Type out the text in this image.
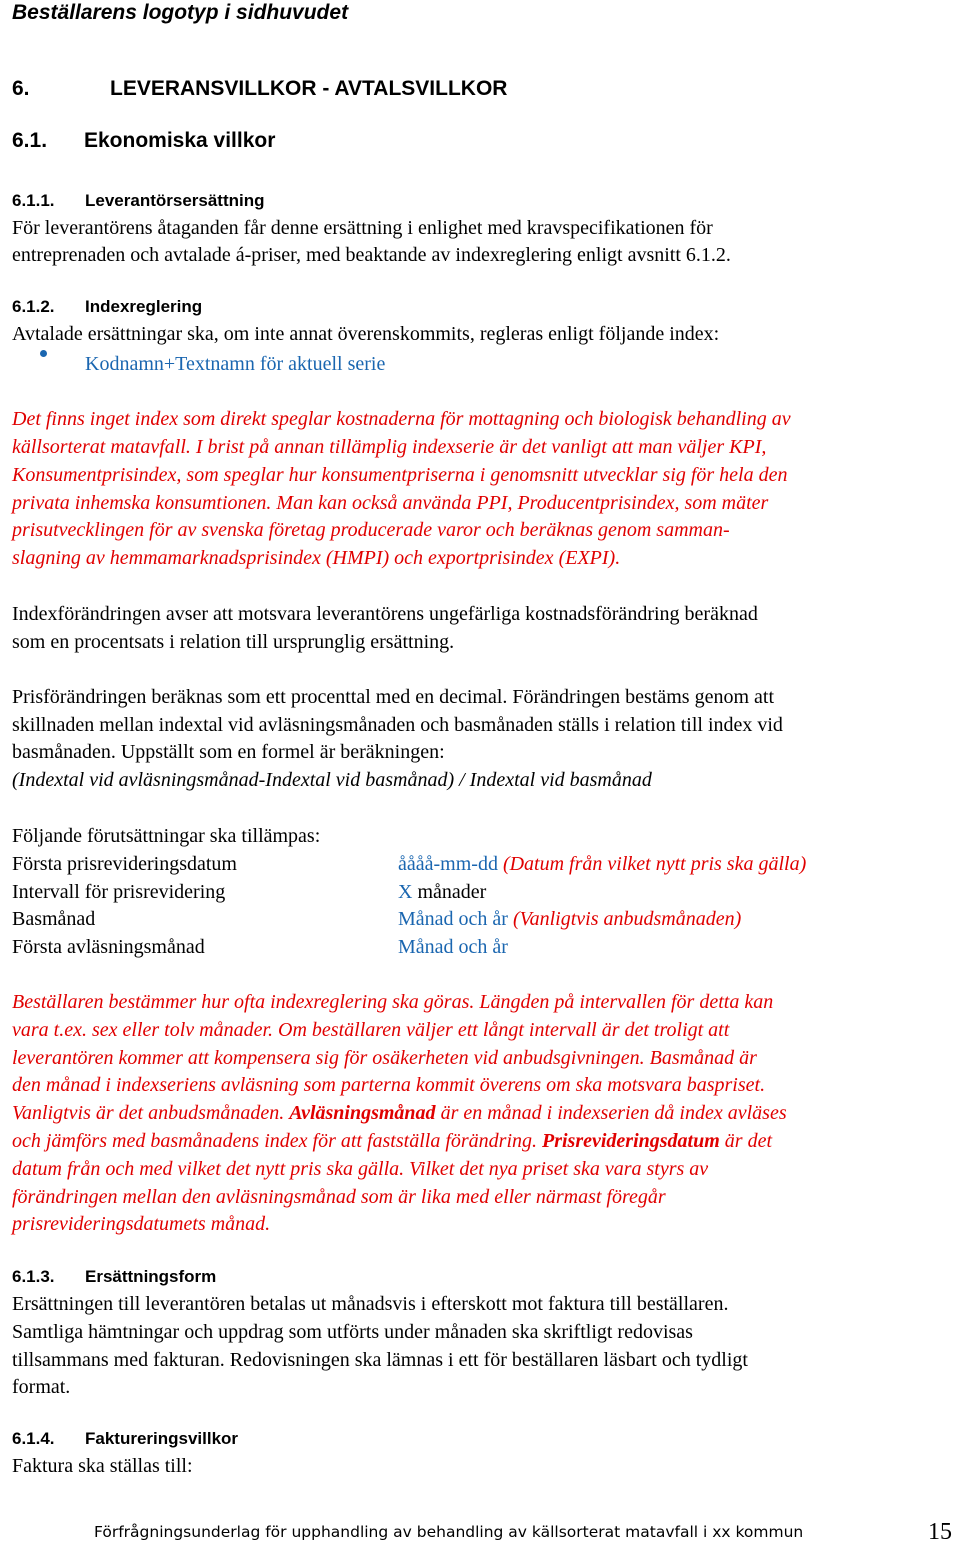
Beställarens logotyp i sidhuvudet
6.	LEVERANSVILLKOR - AVTALSVILLKOR
6.1. Ekonomiska villkor
6.1.1. Leverantörsersättning
För leverantörens åtaganden får denne ersättning i enlighet med kravspecifikationen för
entreprenaden och avtalade á-priser, med beaktande av indexreglering enligt avsnitt 6.1.2.
6.1.2. Indexreglering
Avtalade ersättningar ska, om inte annat överenskommits, regleras enligt följande index:
Kodnamn+Textnamn för aktuell serie
Det finns inget index som direkt speglar kostnaderna för mottagning och biologisk behandling av
källsorterat matavfall. I brist på annan tillämplig indexserie är det vanligt att man väljer KPI,
Konsumentprisindex, som speglar hur konsumentpriserna i genomsnitt utvecklar sig för hela den
privata inhemska konsumtionen. Man kan också använda PPI, Producentprisindex, som mäter
prisutvecklingen för av svenska företag producerade varor och beräknas genom samman-
slagning av hemmamarknadsprisindex (HMPI) och exportprisindex (EXPI).
Indexförändringen avser att motsvara leverantörens ungefärliga kostnadsförändring beräknad
som en procentsats i relation till ursprunglig ersättning.
Prisförändringen beräknas som ett procenttal med en decimal. Förändringen bestäms genom att
skillnaden mellan indextal vid avläsningsmånaden och basmånaden ställs i relation till index vid
basmånaden. Uppställt som en formel är beräkningen:
(Indextal vid avläsningsmånad-Indextal vid basmånad) / Indextal vid basmånad
Följande förutsättningar ska tillämpas:
Första prisrevideringsdatum	åååå-mm-dd (Datum från vilket nytt pris ska gälla)
Intervall för prisrevidering	X månader
Basmånad	Månad och år (Vanligtvis anbudsmånaden)
Första avläsningsmånad	Månad och år
Beställaren bestämmer hur ofta indexreglering ska göras. Längden på intervallen för detta kan
vara t.ex. sex eller tolv månader. Om beställaren väljer ett långt intervall är det troligt att
leverantören kommer att kompensera sig för osäkerheten vid anbudsgivningen. Basmånad är
den månad i indexseriens avläsning som parterna kommit överens om ska motsvara baspriset.
Vanligtvis är det anbudsmånaden. Avläsningsmånad är en månad i indexserien då index avläses
och jämförs med basmånadens index för att fastställa förändring. Prisrevideringsdatum är det
datum från och med vilket det nytt pris ska gälla. Vilket det nya priset ska vara styrs av
förändringen mellan den avläsningsmånad som är lika med eller närmast föregår
prisrevideringsdatumets månad.
6.1.3. Ersättningsform
Ersättningen till leverantören betalas ut månadsvis i efterskott mot faktura till beställaren.
Samtliga hämtningar och uppdrag som utförts under månaden ska skriftligt redovisas
tillsammans med fakturan. Redovisningen ska lämnas i ett för beställaren läsbart och tydligt
format.
6.1.4. Faktureringsvillkor
Faktura ska ställas till:
Förfrågningsunderlag för upphandling av behandling av källsorterat matavfall i xx kommun	15
